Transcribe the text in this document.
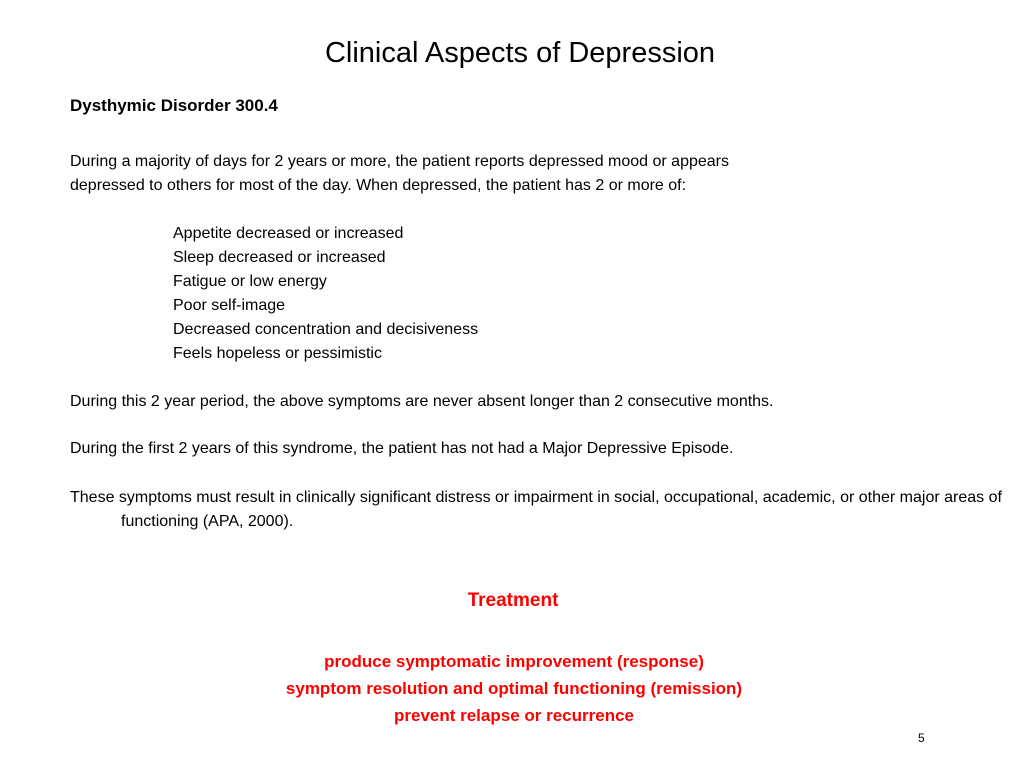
Clinical Aspects of Depression
Dysthymic Disorder 300.4
During a majority of days for 2 years or more, the patient reports depressed mood or appears
depressed to others for most of the day. When depressed, the patient has 2 or more of:
Appetite decreased or increased
Sleep decreased or increased
Fatigue or low energy
Poor self-image
Decreased concentration and decisiveness
Feels hopeless or pessimistic
During this 2 year period, the above symptoms are never absent longer than 2 consecutive months.
During the first 2 years of this syndrome, the patient has not had a Major Depressive Episode.
These symptoms must result in clinically significant distress or impairment in social, occupational, academic, or other major areas of functioning (APA, 2000).
Treatment
produce symptomatic improvement (response)
symptom resolution and optimal functioning (remission)
prevent relapse or recurrence
5
